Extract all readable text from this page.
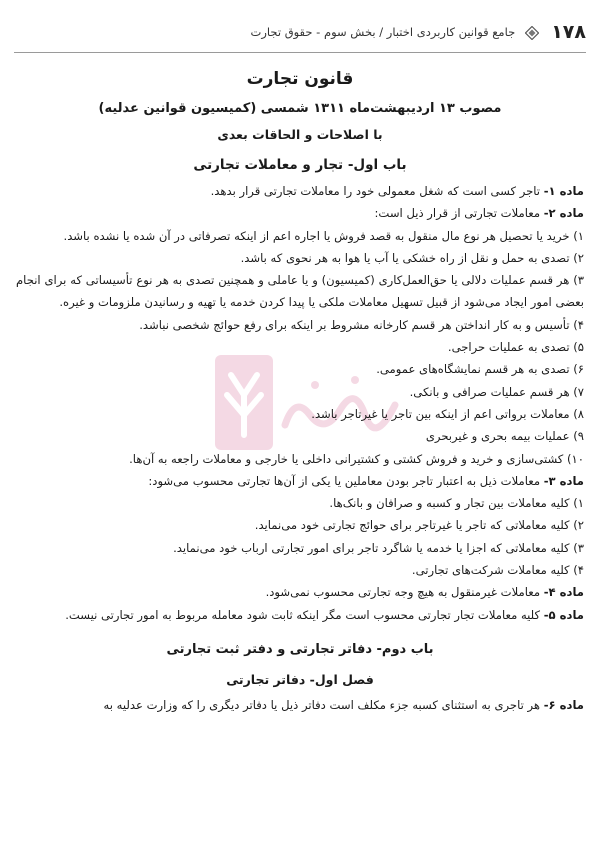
۱۷۸
جامع قوانین کاربردی اختبار / بخش سوم - حقوق تجارت

قانون تجارت

مصوب ۱۳ اردیبهشت‌ماه ۱۳۱۱ شمسی (کمیسیون قوانین عدلیه)

با اصلاحات و الحاقات بعدی

باب اول- تجار و معاملات تجارتی

ماده ۱- تاجر کسی است که شغل معمولی خود را معاملات تجارتی قرار بدهد.

ماده ۲- معاملات تجارتی از قرار ذیل است:

۱) خرید یا تحصیل هر نوع مال منقول به قصد فروش یا اجاره اعم از اینکه تصرفاتی در آن شده یا نشده باشد.

۲) تصدی به حمل و نقل از راه خشکی یا آب یا هوا به هر نحوی که باشد.

۳) هر قسم عملیات دلالی یا حق‌العمل‌کاری (کمیسیون) و یا عاملی و همچنین تصدی به هر نوع تأسیساتی که برای انجام بعضی امور ایجاد می‌شود از قبیل تسهیل معاملات ملکی یا پیدا کردن خدمه یا تهیه و رسانیدن ملزومات و غیره.

۴) تأسیس و به کار انداختن هر قسم کارخانه مشروط بر اینکه برای رفع حوائج شخصی نباشد.

۵) تصدی به عملیات حراجی.

۶) تصدی به هر قسم نمایشگاه‌های عمومی.

۷) هر قسم عملیات صرافی و بانکی.

۸) معاملات برواتی اعم از اینکه بین تاجر یا غیرتاجر باشد.

۹) عملیات بیمه بحری و غیربحری

۱۰) کشتی‌سازی و خرید و فروش کشتی و کشتیرانی داخلی یا خارجی و معاملات راجعه به آن‌ها.

ماده ۳- معاملات ذیل به اعتبار تاجر بودن معاملین یا یکی از آن‌ها تجارتی محسوب می‌شود:

۱) کلیه معاملات بین تجار و کسبه و صرافان و بانک‌ها.

۲) کلیه معاملاتی که تاجر یا غیرتاجر برای حوائج تجارتی خود می‌نماید.

۳) کلیه معاملاتی که اجزا یا خدمه یا شاگرد تاجر برای امور تجارتی ارباب خود می‌نماید.

۴) کلیه معاملات شرکت‌های تجارتی.

ماده ۴- معاملات غیرمنقول به هیچ وجه تجارتی محسوب نمی‌شود.

ماده ۵- کلیه معاملات تجار تجارتی محسوب است مگر اینکه ثابت شود معامله مربوط به امور تجارتی نیست.

باب دوم- دفاتر تجارتی و دفتر ثبت تجارتی

فصل اول- دفاتر تجارتی

ماده ۶- هر تاجری به استثنای کسبه جزء مکلف است دفاتر ذیل یا دفاتر دیگری را که وزارت عدلیه به
